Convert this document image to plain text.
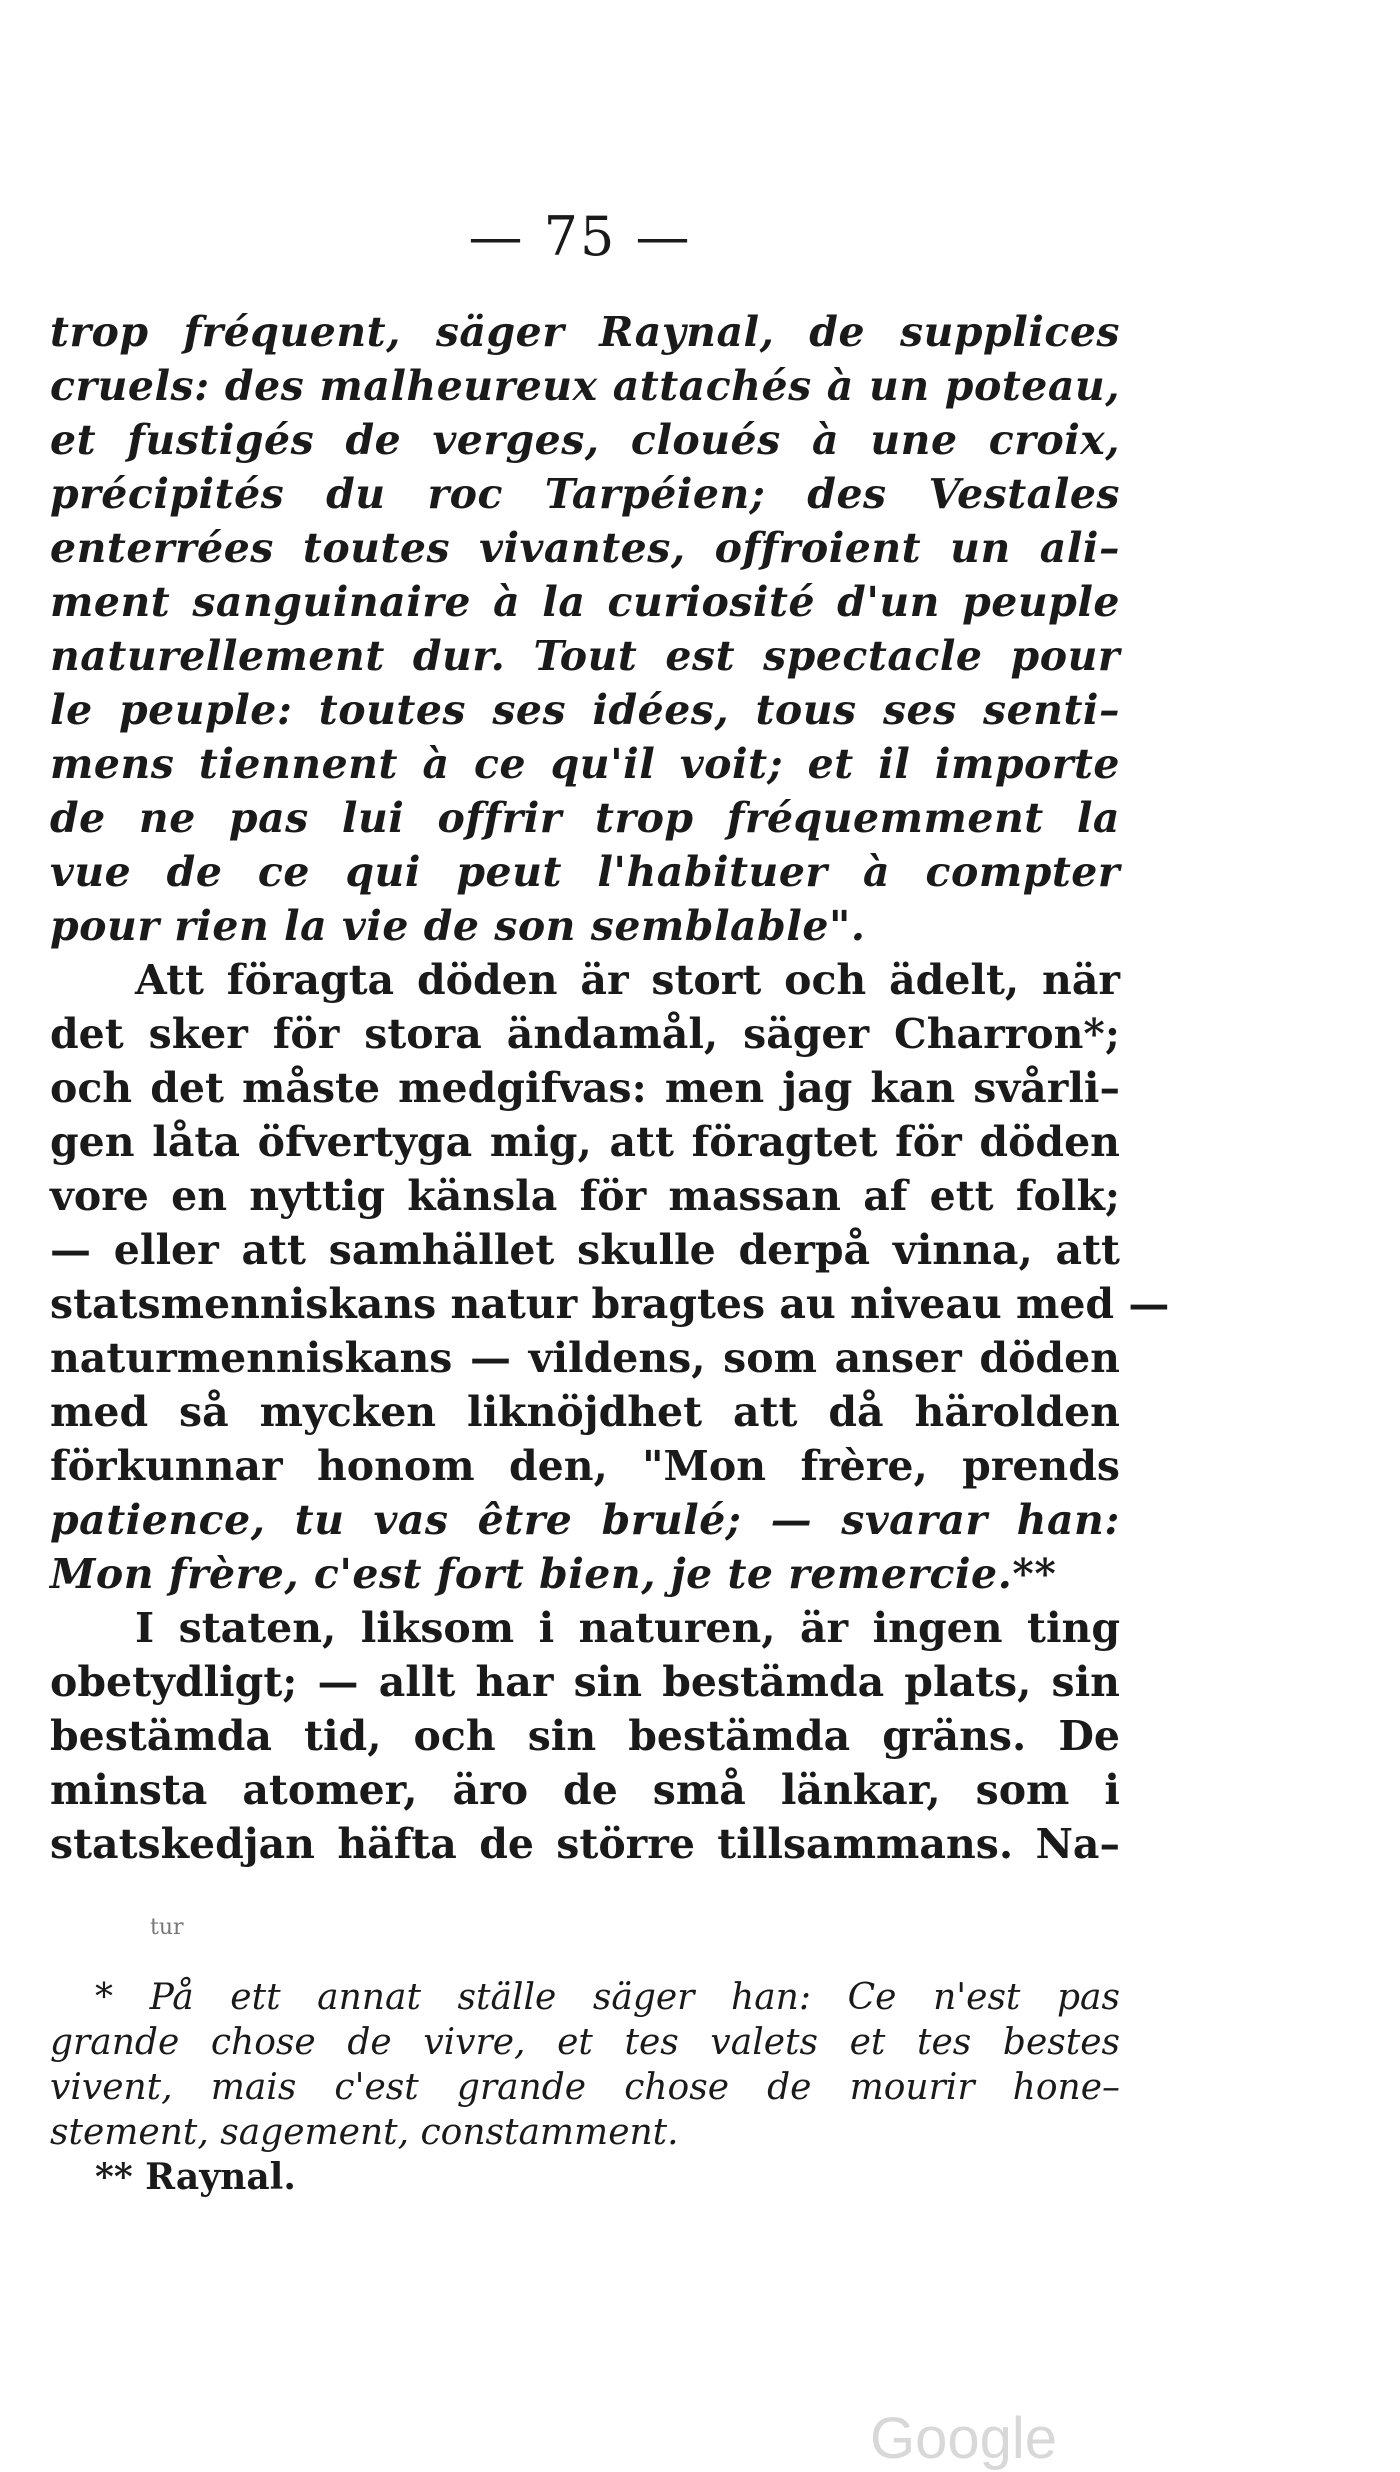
— 75 —
trop fréquent, säger Raynal, de supplices
cruels: des malheureux attachés à un poteau,
et fustigés de verges, cloués à une croix,
précipités du roc Tarpéien; des Vestales
enterrées toutes vivantes, offroient un ali–
ment sanguinaire à la curiosité d'un peuple
naturellement dur. Tout est spectacle pour
le peuple: toutes ses idées, tous ses senti–
mens tiennent à ce qu'il voit; et il importe
de ne pas lui offrir trop fréquemment la
vue de ce qui peut l'habituer à compter
pour rien la vie de son semblable".
Att föragta döden är stort och ädelt, när
det sker för stora ändamål, säger Charron*;
och det måste medgifvas: men jag kan svårli–
gen låta öfvertyga mig, att föragtet för döden
vore en nyttig känsla för massan af ett folk;
— eller att samhället skulle derpå vinna, att
statsmenniskans natur bragtes au niveau med —
naturmenniskans — vildens, som anser döden
med så mycken liknöjdhet att då härolden
förkunnar honom den, "Mon frère, prends
patience, tu vas être brulé; — svarar han:
Mon frère, c'est fort bien, je te remercie.**
I staten, liksom i naturen, är ingen ting
obetydligt; — allt har sin bestämda plats, sin
bestämda tid, och sin bestämda gräns. De
minsta atomer, äro de små länkar, som i
statskedjan häfta de större tillsammans. Na–
tur
* På ett annat ställe säger han: Ce n'est pas
grande chose de vivre, et tes valets et tes bestes
vivent, mais c'est grande chose de mourir hone–
stement, sagement, constamment.
** Raynal.
Google
